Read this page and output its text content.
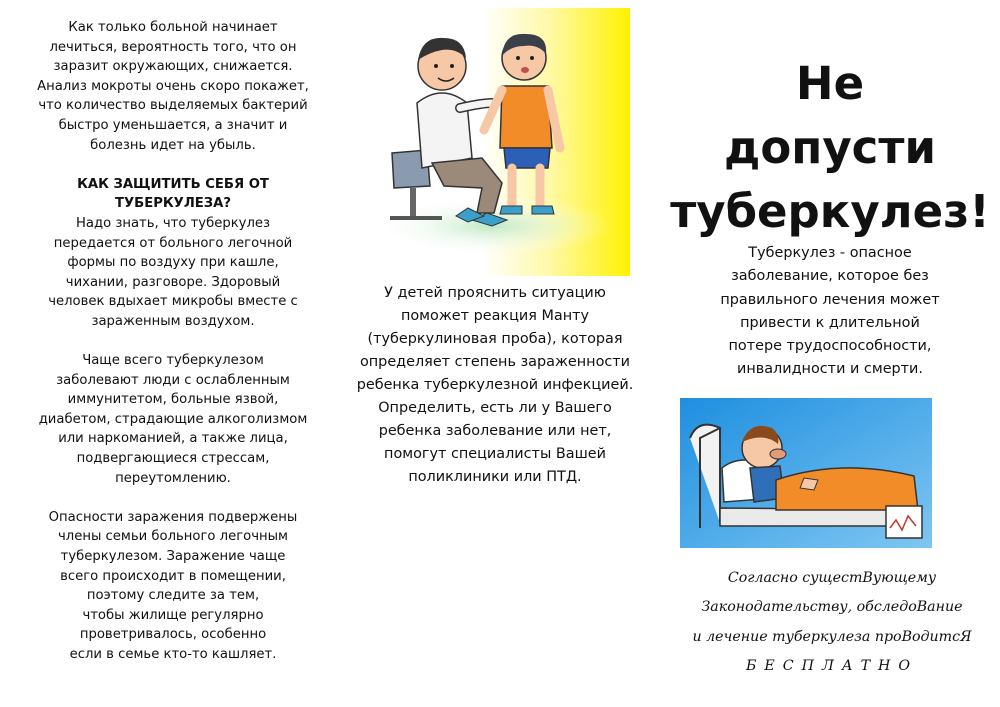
Как только больной начинает
лечиться, вероятность того, что он
заразит окружающих, снижается.
Анализ мокроты очень скоро покажет,
что количество выделяемых бактерий
быстро уменьшается, а значит и
болезнь идет на убыль.

КАК ЗАЩИТИТЬ СЕБЯ ОТ
ТУБЕРКУЛЕЗА?

Надо знать, что туберкулез
передается от больного легочной
формы по воздуху при кашле,
чихании, разговоре. Здоровый
человек вдыхает микробы вместе с
зараженным воздухом.

Чаще всего туберкулезом
заболевают люди с ослабленным
иммунитетом, больные язвой,
диабетом, страдающие алкоголизмом
или наркоманией, а также лица,
подвергающиеся стрессам,
переутомлению.

Опасности заражения подвержены
члены семьи больного легочным
туберкулезом. Заражение чаще
всего происходит в помещении,
поэтому следите за тем,
чтобы жилище регулярно
проветривалось, особенно
если в семье кто-то кашляет.

У детей прояснить ситуацию
поможет реакция Манту
(туберкулиновая проба), которая
определяет степень зараженности
ребенка туберкулезной инфекцией.
Определить, есть ли у Вашего
ребенка заболевание или нет,
помогут специалисты Вашей
поликлиники или ПТД.

Не
допусти
туберкулез!

Туберкулез - опасное
заболевание, которое без
правильного лечения может
привести к длительной
потере трудоспособности,
инвалидности и смерти.

Согласно сущестВующему
Законодательству, обследоВание
и лечение туберкулеза проВодитсЯ

БЕСПЛАТНО
